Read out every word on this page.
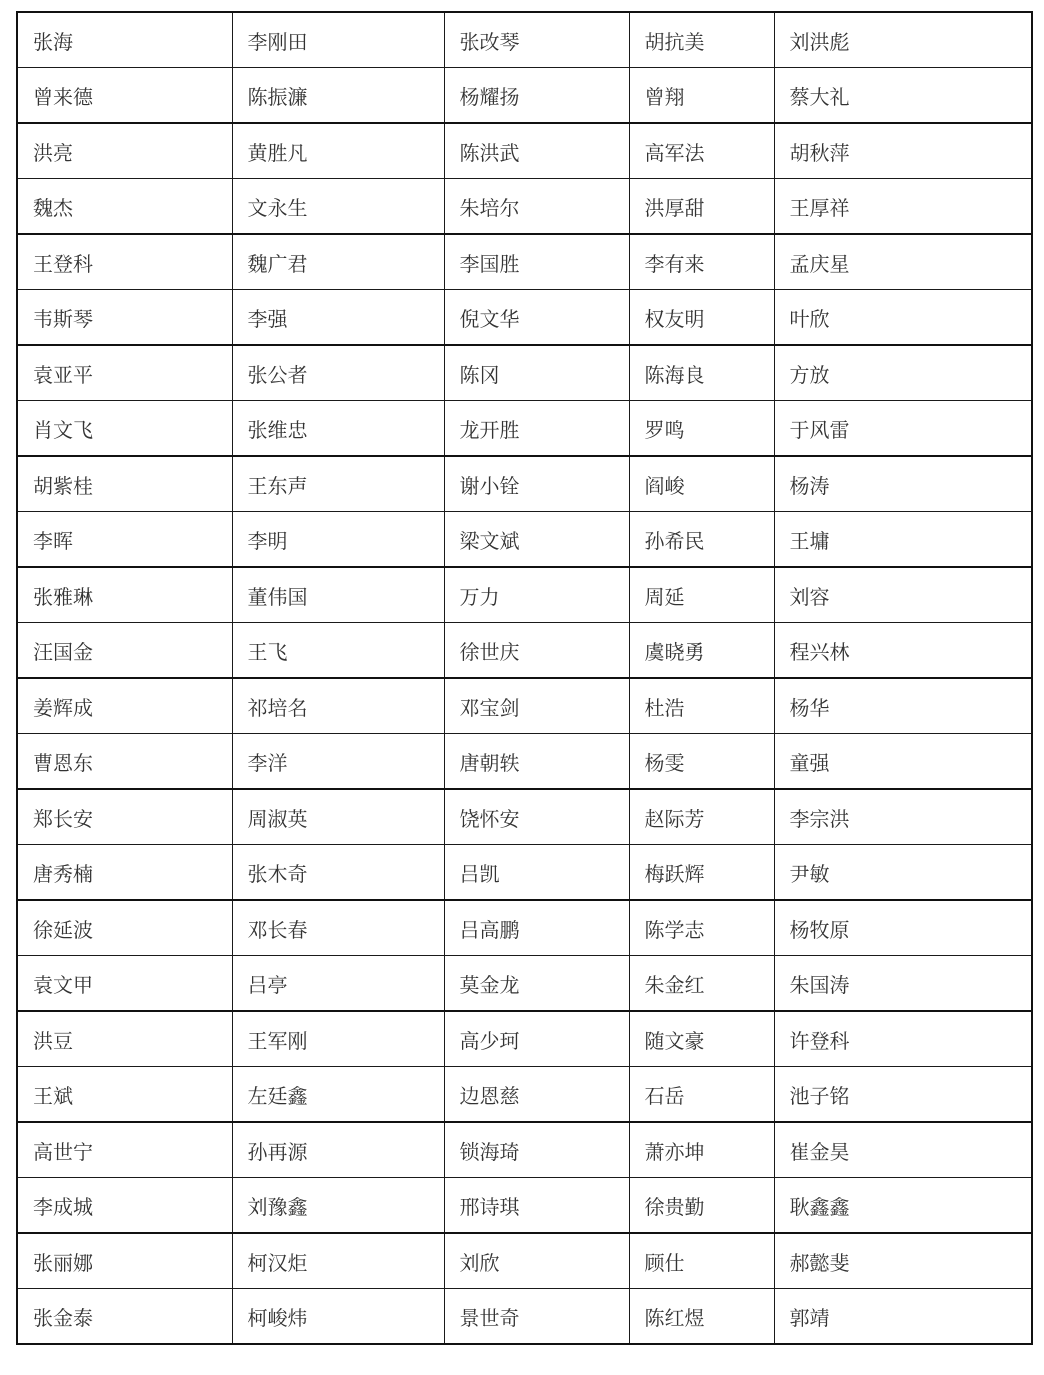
张海	李刚田	张改琴	胡抗美	刘洪彪
曾来德	陈振濂	杨耀扬	曾翔	蔡大礼
洪亮	黄胜凡	陈洪武	高军法	胡秋萍
魏杰	文永生	朱培尔	洪厚甜	王厚祥
王登科	魏广君	李国胜	李有来	孟庆星
韦斯琴	李强	倪文华	权友明	叶欣
袁亚平	张公者	陈冈	陈海良	方放
肖文飞	张维忠	龙开胜	罗鸣	于风雷
胡紫桂	王东声	谢小铨	阎峻	杨涛
李晖	李明	梁文斌	孙希民	王墉
张雅琳	董伟国	万力	周延	刘容
汪国金	王飞	徐世庆	虞晓勇	程兴林
姜辉成	祁培名	邓宝剑	杜浩	杨华
曹恩东	李洋	唐朝轶	杨雯	童强
郑长安	周淑英	饶怀安	赵际芳	李宗洪
唐秀楠	张木奇	吕凯	梅跃辉	尹敏
徐延波	邓长春	吕高鹏	陈学志	杨牧原
袁文甲	吕亭	莫金龙	朱金红	朱国涛
洪豆	王军刚	高少珂	随文豪	许登科
王斌	左廷鑫	边恩慈	石岳	池子铭
高世宁	孙再源	锁海琦	萧亦坤	崔金昊
李成城	刘豫鑫	邢诗琪	徐贵勤	耿鑫鑫
张丽娜	柯汉炬	刘欣	顾仕	郝懿斐
张金泰	柯峻炜	景世奇	陈红煜	郭靖
